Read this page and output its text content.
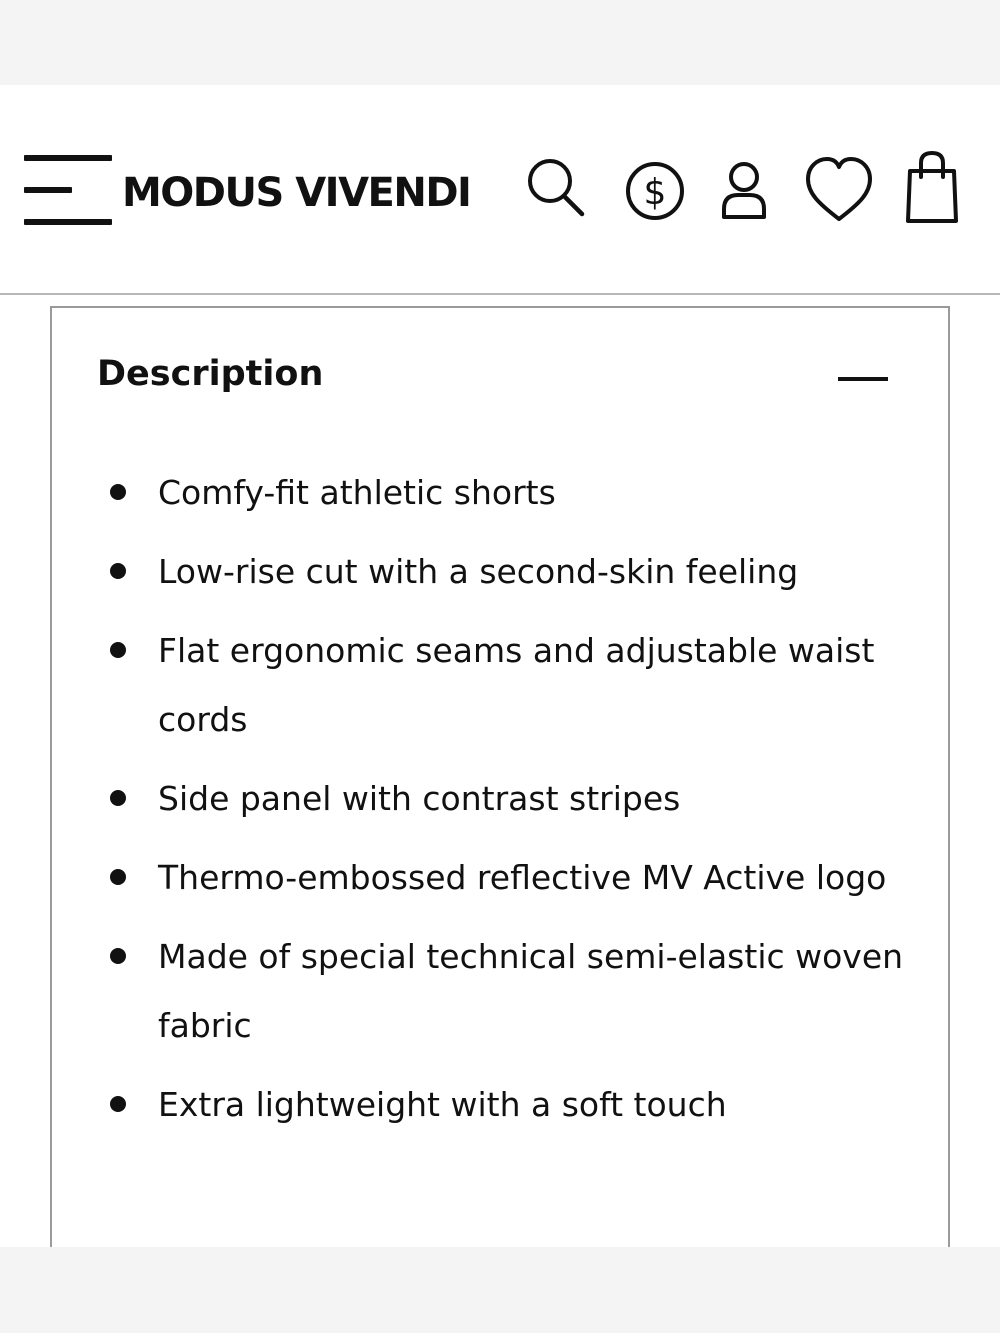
MODUS VIVENDI	$
Description
Comfy-fit athletic shorts
Low-rise cut with a second-skin feeling
Flat ergonomic seams and adjustable waist cords
Side panel with contrast stripes
Thermo-embossed reflective MV Active logo
Made of special technical semi-elastic woven fabric
Extra lightweight with a soft touch
